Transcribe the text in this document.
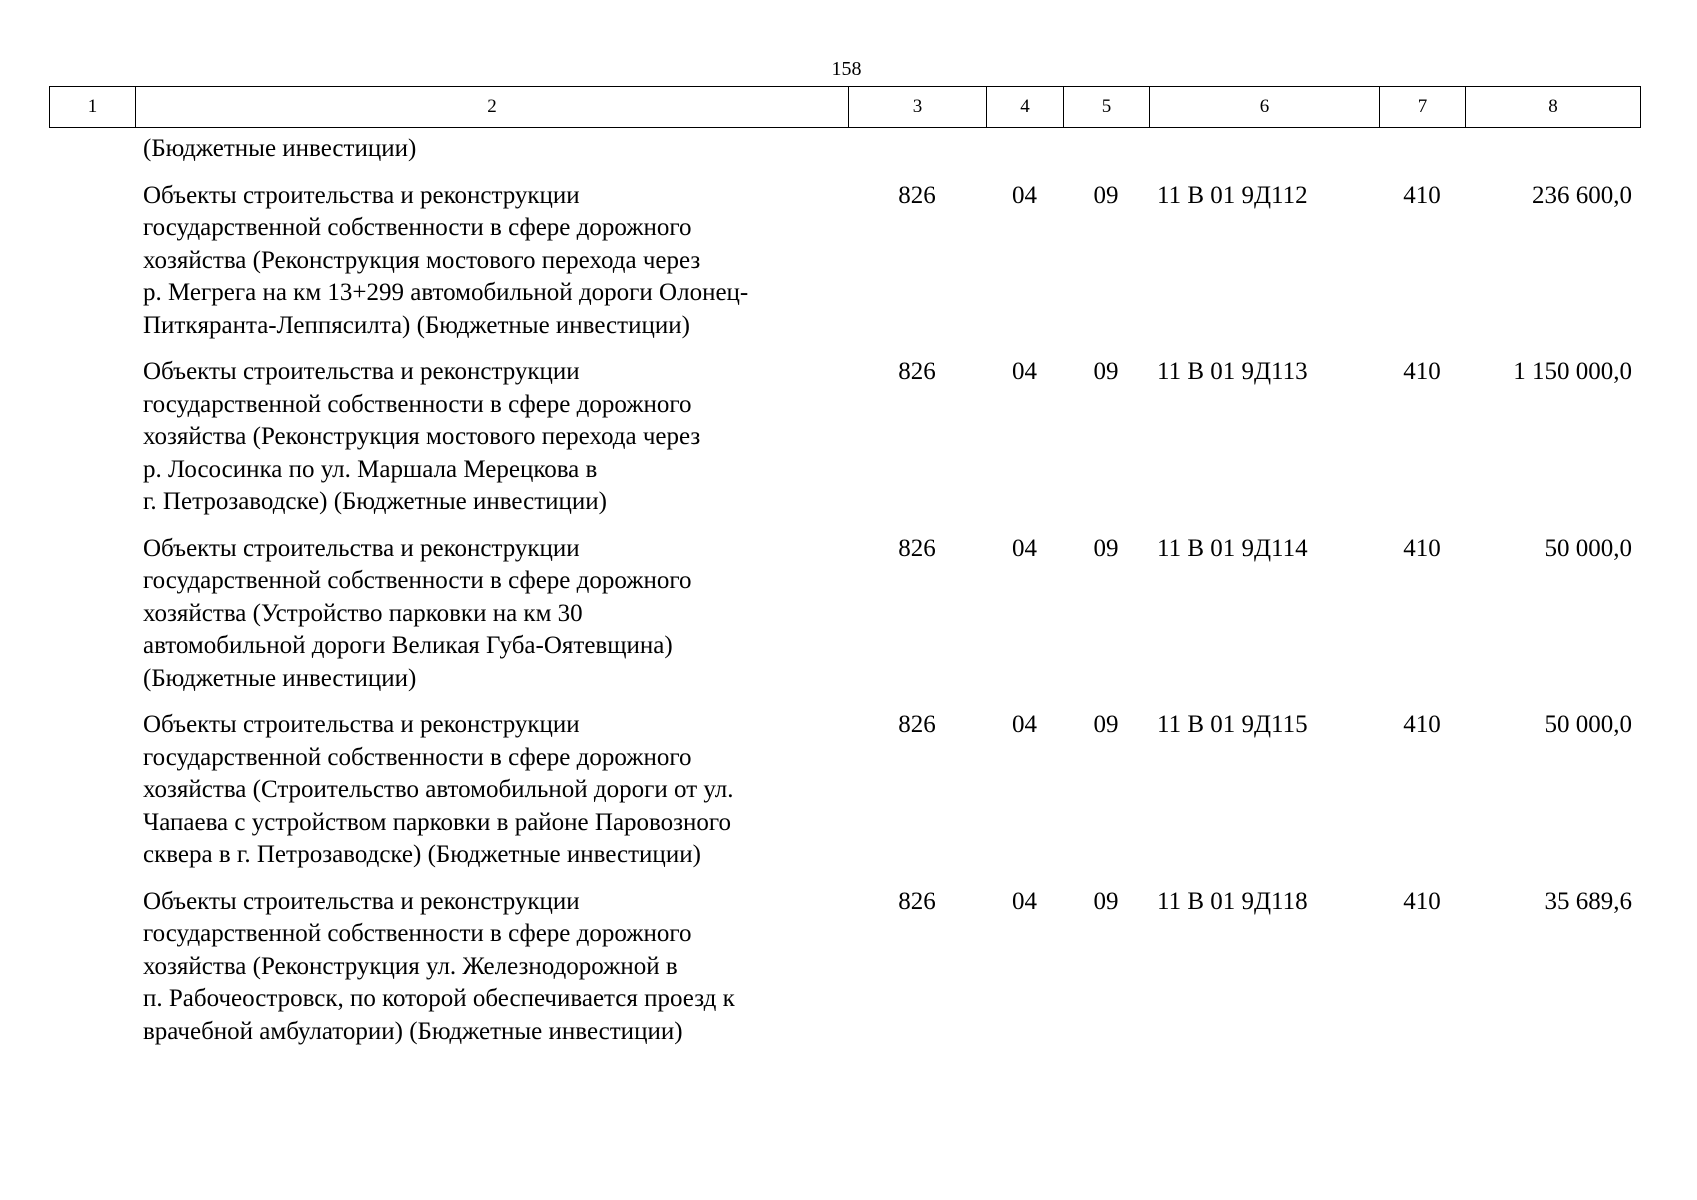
158
1	2	3	4	5	6	7	8
	(Бюджетные инвестиции)						
	Объекты строительства и реконструкции
государственной собственности в сфере дорожного
хозяйства (Реконструкция мостового перехода через
р. Мегрега на км 13+299 автомобильной дороги Олонец-
Питкяранта-Леппясилта) (Бюджетные инвестиции)	826	04	09	11 В 01 9Д112	410	236 600,0
	Объекты строительства и реконструкции
государственной собственности в сфере дорожного
хозяйства (Реконструкция мостового перехода через
р. Лососинка по ул. Маршала Мерецкова в
г. Петрозаводске) (Бюджетные инвестиции)	826	04	09	11 В 01 9Д113	410	1 150 000,0
	Объекты строительства и реконструкции
государственной собственности в сфере дорожного
хозяйства (Устройство парковки на км 30
автомобильной дороги Великая Губа-Оятевщина)
(Бюджетные инвестиции)	826	04	09	11 В 01 9Д114	410	50 000,0
	Объекты строительства и реконструкции
государственной собственности в сфере дорожного
хозяйства (Строительство автомобильной дороги от ул.
Чапаева с устройством парковки в районе Паровозного
сквера в г. Петрозаводске) (Бюджетные инвестиции)	826	04	09	11 В 01 9Д115	410	50 000,0
	Объекты строительства и реконструкции
государственной собственности в сфере дорожного
хозяйства (Реконструкция ул. Железнодорожной в
п. Рабочеостровск, по которой обеспечивается проезд к
врачебной амбулатории) (Бюджетные инвестиции)	826	04	09	11 В 01 9Д118	410	35 689,6
